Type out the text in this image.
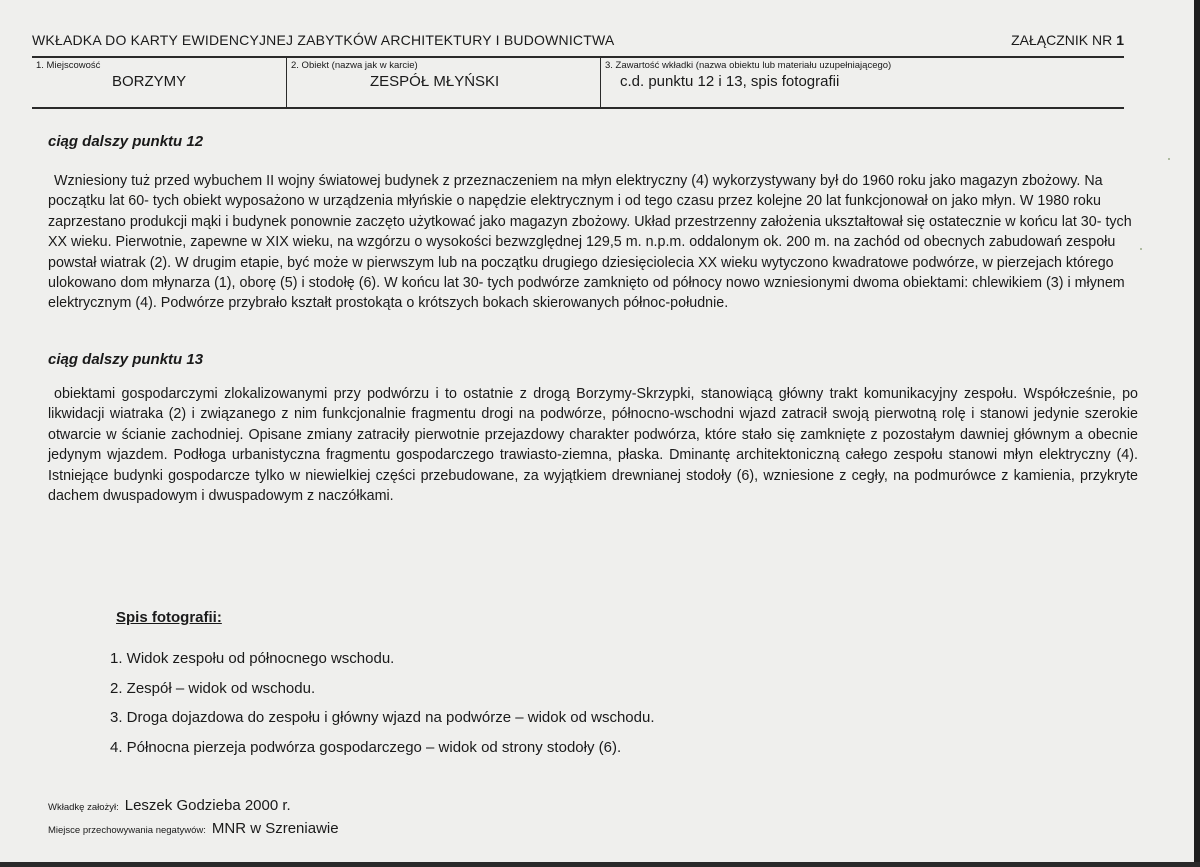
WKŁADKA DO KARTY EWIDENCYJNEJ ZABYTKÓW ARCHITEKTURY I BUDOWNICTWA	ZAŁĄCZNIK NR 1
1. Miejscowość
BORZYMY
2. Obiekt (nazwa jak w karcie)
ZESPÓŁ MŁYŃSKI
3. Zawartość wkładki (nazwa obiektu lub materiału uzupełniającego)
c.d. punktu 12 i 13, spis fotografii
ciąg dalszy punktu 12
Wzniesiony tuż przed wybuchem II wojny światowej budynek z przeznaczeniem na młyn elektryczny (4) wykorzystywany był do 1960 roku jako magazyn zbożowy. Na początku lat 60- tych obiekt wyposażono w urządzenia młyńskie o napędzie elektrycznym i od tego czasu przez kolejne 20 lat funkcjonował on jako młyn. W 1980 roku zaprzestano produkcji mąki i budynek ponownie zaczęto użytkować jako magazyn zbożowy. Układ przestrzenny założenia ukształtował się ostatecznie w końcu lat 30- tych XX wieku. Pierwotnie, zapewne w XIX wieku, na wzgórzu o wysokości bezwzględnej 129,5 m. n.p.m. oddalonym ok. 200 m. na zachód od obecnych zabudowań zespołu powstał wiatrak (2). W drugim etapie, być może w pierwszym lub na początku drugiego dziesięciolecia XX wieku wytyczono kwadratowe podwórze, w pierzejach którego ulokowano dom młynarza (1), oborę (5) i stodołę (6). W końcu lat 30- tych podwórze zamknięto od północy nowo wzniesionymi dwoma obiektami: chlewikiem (3) i młynem elektrycznym (4). Podwórze przybrało kształt prostokąta o krótszych bokach skierowanych północ-południe.
ciąg dalszy punktu 13
obiektami gospodarczymi zlokalizowanymi przy podwórzu i to ostatnie z drogą Borzymy-Skrzypki, stanowiącą główny trakt komunikacyjny zespołu. Współcześnie, po likwidacji wiatraka (2) i związanego z nim funkcjonalnie fragmentu drogi na podwórze, północno-wschodni wjazd zatracił swoją pierwotną rolę i stanowi jedynie szerokie otwarcie w ścianie zachodniej. Opisane zmiany zatraciły pierwotnie przejazdowy charakter podwórza, które stało się zamknięte z pozostałym dawniej głównym a obecnie jedynym wjazdem. Podłoga urbanistyczna fragmentu gospodarczego trawiasto-ziemna, płaska. Dminantę architektoniczną całego zespołu stanowi młyn elektryczny (4). Istniejące budynki gospodarcze tylko w niewielkiej części przebudowane, za wyjątkiem drewnianej stodoły (6), wzniesione z cegły, na podmurówce z kamienia, przykryte dachem dwuspadowym i dwuspadowym z naczółkami.
Spis fotografii:
1. Widok zespołu od północnego wschodu.
2. Zespół – widok od wschodu.
3. Droga dojazdowa do zespołu i główny wjazd na podwórze – widok od wschodu.
4. Północna pierzeja podwórza gospodarczego – widok od strony stodoły (6).
Wkładkę założył: Leszek Godzieba 2000 r.
Miejsce przechowywania negatywów: MNR w Szreniawie
